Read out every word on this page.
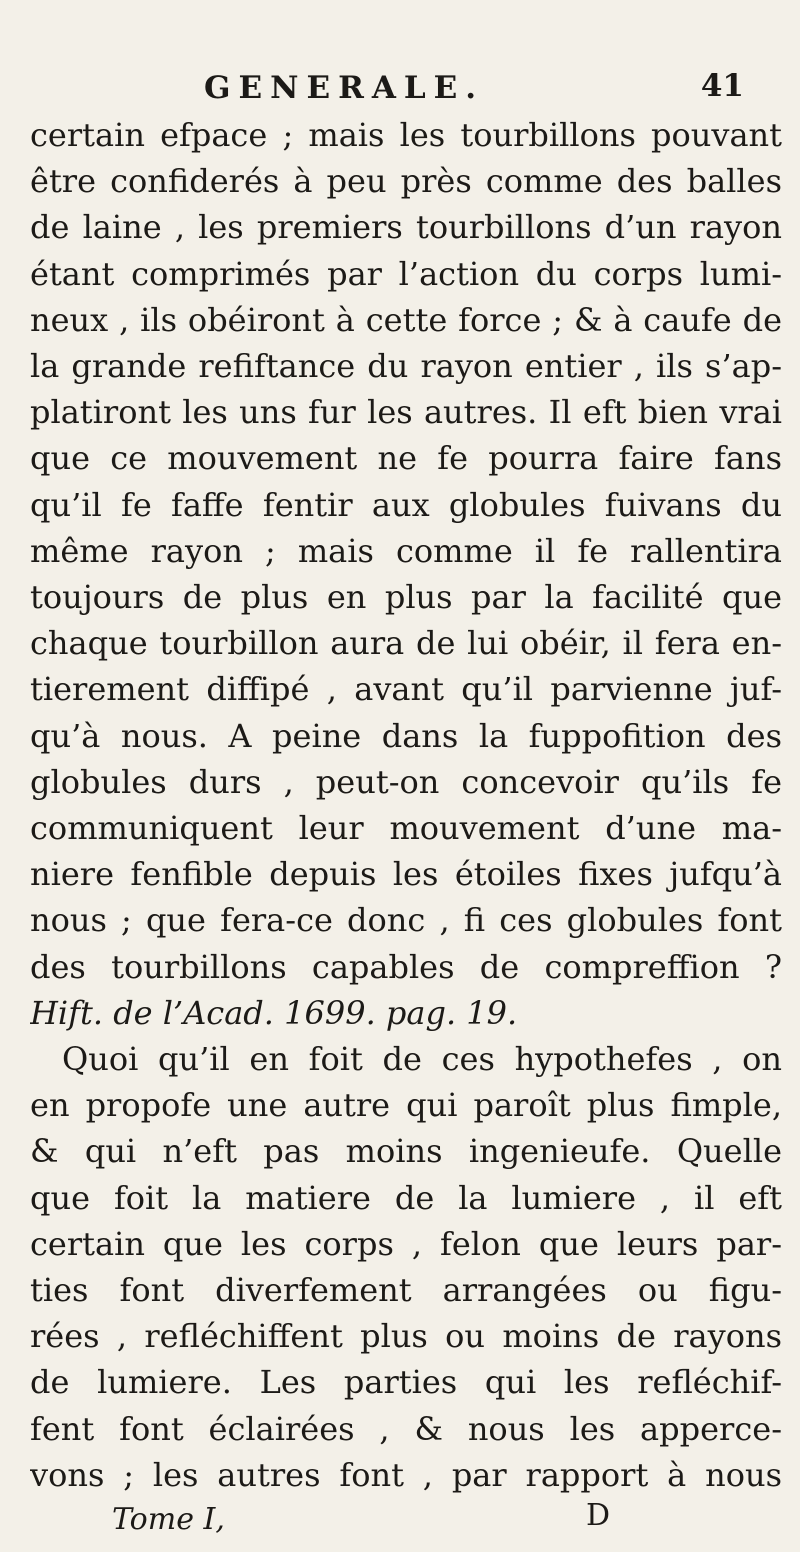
GENERALE.	41
certain efpace ; mais les tourbillons pouvant
être confiderés à peu près comme des balles
de laine , les premiers tourbillons d’un rayon
étant comprimés par l’action du corps lumi-
neux , ils obéiront à cette force ; & à caufe de
la grande refiftance du rayon entier , ils s’ap-
platiront les uns fur les autres. Il eft bien vrai
que ce mouvement ne fe pourra faire fans
qu’il fe faffe fentir aux globules fuivans du
même rayon ; mais comme il fe rallentira
toujours de plus en plus par la facilité que
chaque tourbillon aura de lui obéir, il fera en-
tierement diffipé , avant qu’il parvienne juf-
qu’à nous. A peine dans la fuppofition des
globules durs , peut-on concevoir qu’ils fe
communiquent leur mouvement d’une ma-
niere fenfible depuis les étoiles fixes jufqu’à
nous ; que fera-ce donc , fi ces globules font
des tourbillons capables de compreffion ?
Hift. de l’Acad. 1699. pag. 19.
Quoi qu’il en foit de ces hypothefes , on
en propofe une autre qui paroît plus fimple,
& qui n’eft pas moins ingenieufe. Quelle
que foit la matiere de la lumiere , il eft
certain que les corps , felon que leurs par-
ties font diverfement arrangées ou figu-
rées , refléchiffent plus ou moins de rayons
de lumiere. Les parties qui les refléchif-
fent font éclairées , & nous les apperce-
vons ; les autres font , par rapport à nous
Tome I,	D
